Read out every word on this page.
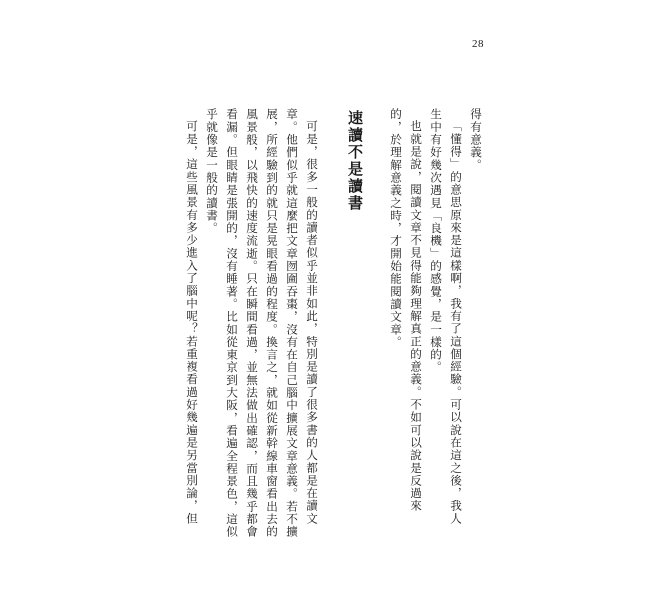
28
得有意義。
「懂得」的意思原來是這樣啊，我有了這個經驗。可以說在這之後，我人
生中有好幾次遇見「良機」的感覺，是一樣的。
也就是說，閱讀文章不見得能夠理解真正的意義。不如可以說是反過來
的，於理解意義之時，才開始能閱讀文章。
速讀不是讀書
可是，很多一般的讀者似乎並非如此，特別是讀了很多書的人都是在讀文
章。他們似乎就這麼把文章囫圇吞棗，沒有在自己腦中擴展文章意義。若不擴
展，所經驗到的就只是晃眼看過的程度。換言之，就如從新幹線車窗看出去的
風景般，以飛快的速度流逝。只在瞬間看過，並無法做出確認，而且幾乎都會
看漏。但眼睛是張開的，沒有睡著。比如從東京到大阪，看遍全程景色，這似
乎就像是一般的讀書。
可是，這些風景有多少進入了腦中呢？若重複看過好幾遍是另當別論，但
